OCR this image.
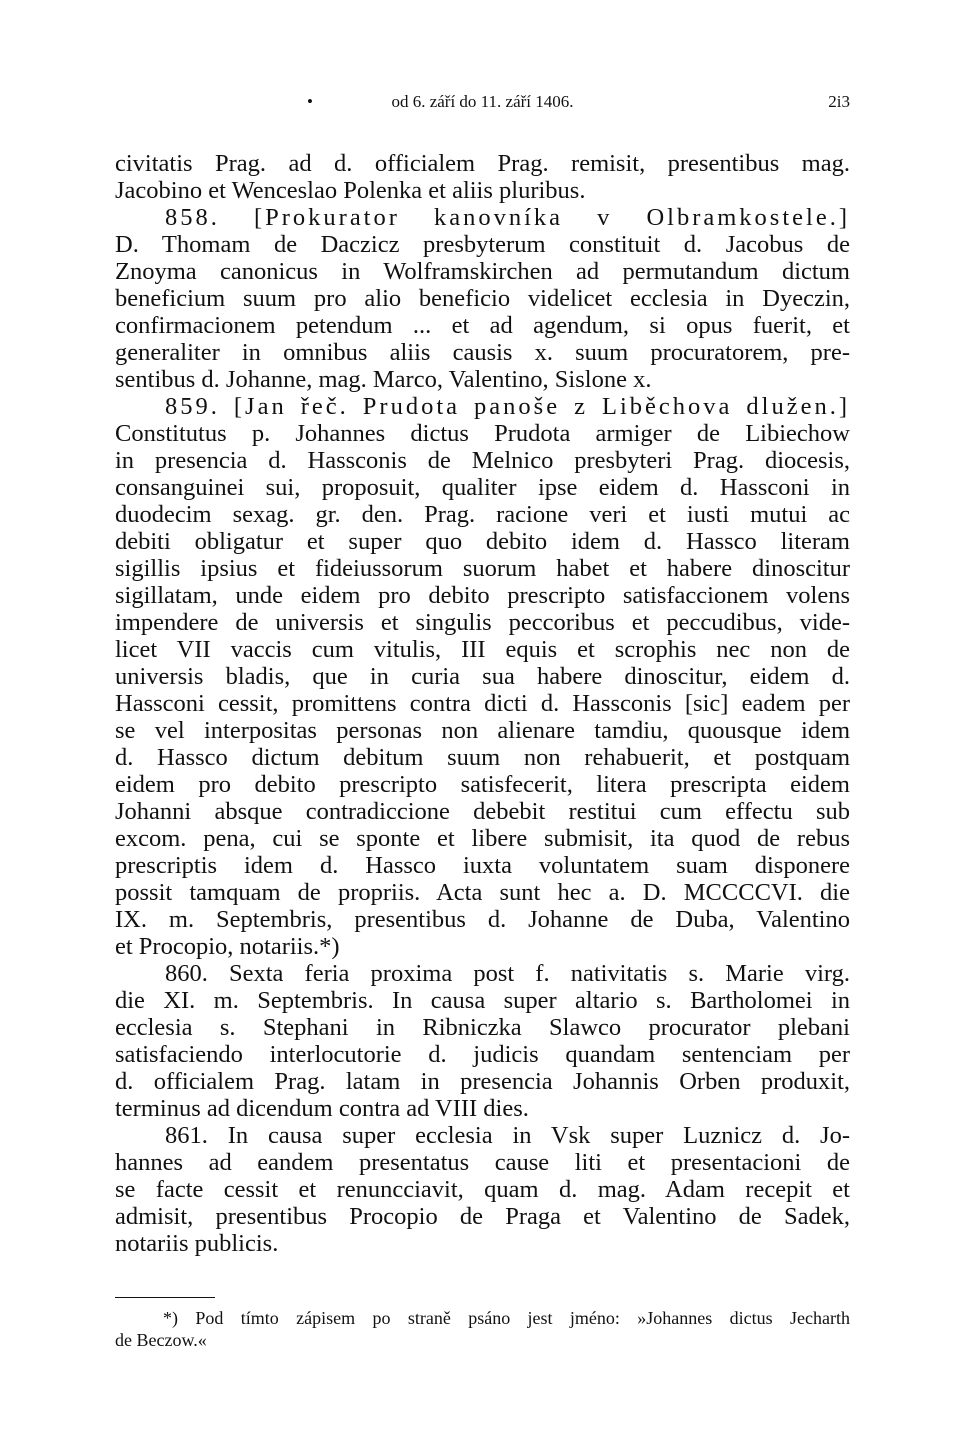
•	od 6. září do 11. září 1406.	2i3
civitatis Prag. ad d. officialem Prag. remisit, presentibus mag.
Jacobino et Wenceslao Polenka et aliis pluribus.
858. [Prokurator kanovníka v Olbramkostele.]
D. Thomam de Daczicz presbyterum constituit d. Jacobus de
Znoyma canonicus in Wolframskirchen ad permutandum dictum
beneficium suum pro alio beneficio videlicet ecclesia in Dyeczin,
confirmacionem petendum ... et ad agendum, si opus fuerit, et
generaliter in omnibus aliis causis x. suum procuratorem, pre-
sentibus d. Johanne, mag. Marco, Valentino, Sislone x.
859. [Jan řeč. Prudota panoše z Liběchova dlužen.]
Constitutus p. Johannes dictus Prudota armiger de Libiechow
in presencia d. Hassconis de Melnico presbyteri Prag. diocesis,
consanguinei sui, proposuit, qualiter ipse eidem d. Hassconi in
duodecim sexag. gr. den. Prag. racione veri et iusti mutui ac
debiti obligatur et super quo debito idem d. Hassco literam
sigillis ipsius et fideiussorum suorum habet et habere dinoscitur
sigillatam, unde eidem pro debito prescripto satisfaccionem volens
impendere de universis et singulis peccoribus et peccudibus, vide-
licet VII vaccis cum vitulis, III equis et scrophis nec non de
universis bladis, que in curia sua habere dinoscitur, eidem d.
Hassconi cessit, promittens contra dicti d. Hassconis [sic] eadem per
se vel interpositas personas non alienare tamdiu, quousque idem
d. Hassco dictum debitum suum non rehabuerit, et postquam
eidem pro debito prescripto satisfecerit, litera prescripta eidem
Johanni absque contradiccione debebit restitui cum effectu sub
excom. pena, cui se sponte et libere submisit, ita quod de rebus
prescriptis idem d. Hassco iuxta voluntatem suam disponere
possit tamquam de propriis. Acta sunt hec a. D. MCCCCVI. die
IX. m. Septembris, presentibus d. Johanne de Duba, Valentino
et Procopio, notariis.*)
860. Sexta feria proxima post f. nativitatis s. Marie virg.
die XI. m. Septembris. In causa super altario s. Bartholomei in
ecclesia s. Stephani in Ribniczka Slawco procurator plebani
satisfaciendo interlocutorie d. judicis quandam sentenciam per
d. officialem Prag. latam in presencia Johannis Orben produxit,
terminus ad dicendum contra ad VIII dies.
861. In causa super ecclesia in Vsk super Luznicz d. Jo-
hannes ad eandem presentatus cause liti et presentacioni de
se facte cessit et renuncciavit, quam d. mag. Adam recepit et
admisit, presentibus Procopio de Praga et Valentino de Sadek,
notariis publicis.
*) Pod tímto zápisem po straně psáno jest jméno: »Johannes dictus Jecharth
de Beczow.«
